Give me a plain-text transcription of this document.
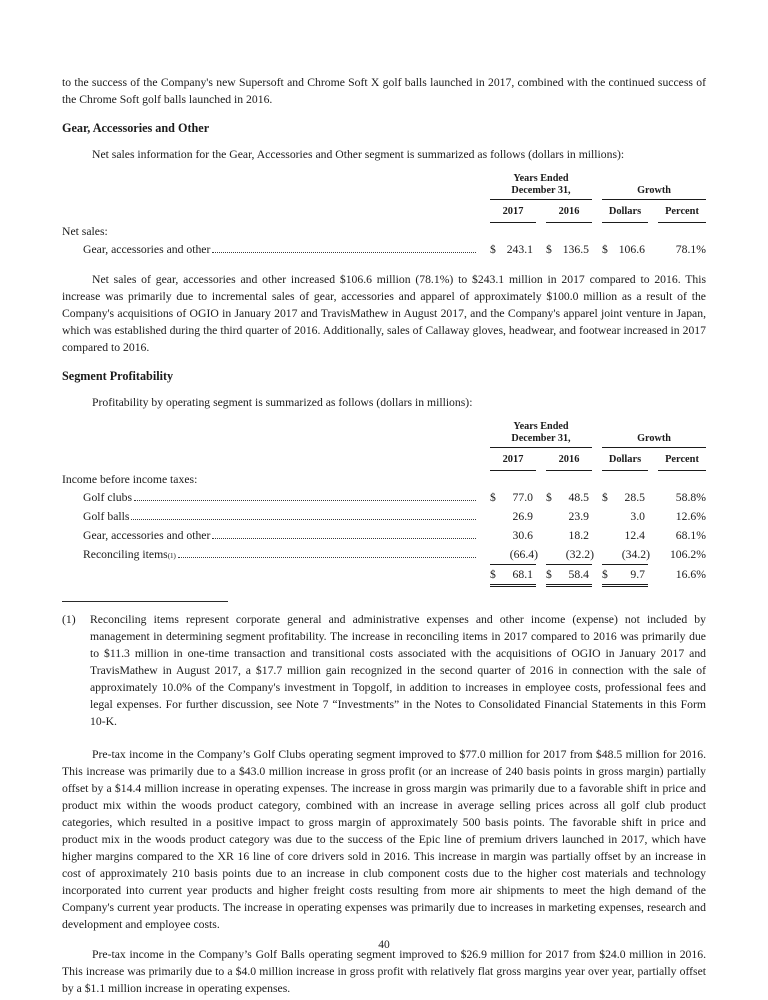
to the success of the Company's new Supersoft and Chrome Soft X golf balls launched in 2017, combined with the continued success of the Chrome Soft golf balls launched in 2016.

Gear, Accessories and Other

Net sales information for the Gear, Accessories and Other segment is summarized as follows (dollars in millions):

Years Ended
December 31,	Growth
2017	2016	Dollars	Percent
Net sales:
Gear, accessories and other	$ 243.1 $ 136.5 $ 106.6	78.1%

Net sales of gear, accessories and other increased $106.6 million (78.1%) to $243.1 million in 2017 compared to 2016. This increase was primarily due to incremental sales of gear, accessories and apparel of approximately $100.0 million as a result of the Company's acquisitions of OGIO in January 2017 and TravisMathew in August 2017, and the Company's apparel joint venture in Japan, which was established during the third quarter of 2016. Additionally, sales of Callaway gloves, headwear, and footwear increased in 2017 compared to 2016.

Segment Profitability

Profitability by operating segment is summarized as follows (dollars in millions):

Years Ended
December 31,	Growth
2017	2016	Dollars	Percent
Income before income taxes:
Golf clubs	$ 77.0 $ 48.5 $ 28.5	58.8%
Golf balls	26.9	23.9	3.0	12.6%
Gear, accessories and other	30.6	18.2	12.4	68.1%
Reconciling items (1)	(66.4) (32.2) (34.2)	106.2%
$ 68.1 $ 58.4 $ 9.7	16.6%
(1)	Reconciling items represent corporate general and administrative expenses and other income (expense) not included by management in determining segment profitability. The increase in reconciling items in 2017 compared to 2016 was primarily due to $11.3 million in one-time transaction and transitional costs associated with the acquisitions of OGIO in January 2017 and TravisMathew in August 2017, a $17.7 million gain recognized in the second quarter of 2016 in connection with the sale of approximately 10.0% of the Company's investment in Topgolf, in addition to increases in employee costs, professional fees and legal expenses. For further discussion, see Note 7 “Investments” in the Notes to Consolidated Financial Statements in this Form 10-K.

Pre-tax income in the Company’s Golf Clubs operating segment improved to $77.0 million for 2017 from $48.5 million for 2016. This increase was primarily due to a $43.0 million increase in gross profit (or an increase of 240 basis points in gross margin) partially offset by a $14.4 million increase in operating expenses. The increase in gross margin was primarily due to a favorable shift in price and product mix within the woods product category, combined with an increase in average selling prices across all golf club product categories, which resulted in a positive impact to gross margin of approximately 500 basis points. The favorable shift in price and product mix in the woods product category was due to the success of the Epic line of premium drivers launched in 2017, which have higher margins compared to the XR 16 line of core drivers sold in 2016. This increase in margin was partially offset by an increase in cost of approximately 210 basis points due to an increase in club component costs due to the higher cost materials and technology incorporated into current year products and higher freight costs resulting from more air shipments to meet the high demand of the Company's current year products. The increase in operating expenses was primarily due to increases in marketing expenses, research and development and employee costs.

Pre-tax income in the Company’s Golf Balls operating segment improved to $26.9 million for 2017 from $24.0 million in 2016. This increase was primarily due to a $4.0 million increase in gross profit with relatively flat gross margins year over year, partially offset by a $1.1 million increase in operating expenses.

40
